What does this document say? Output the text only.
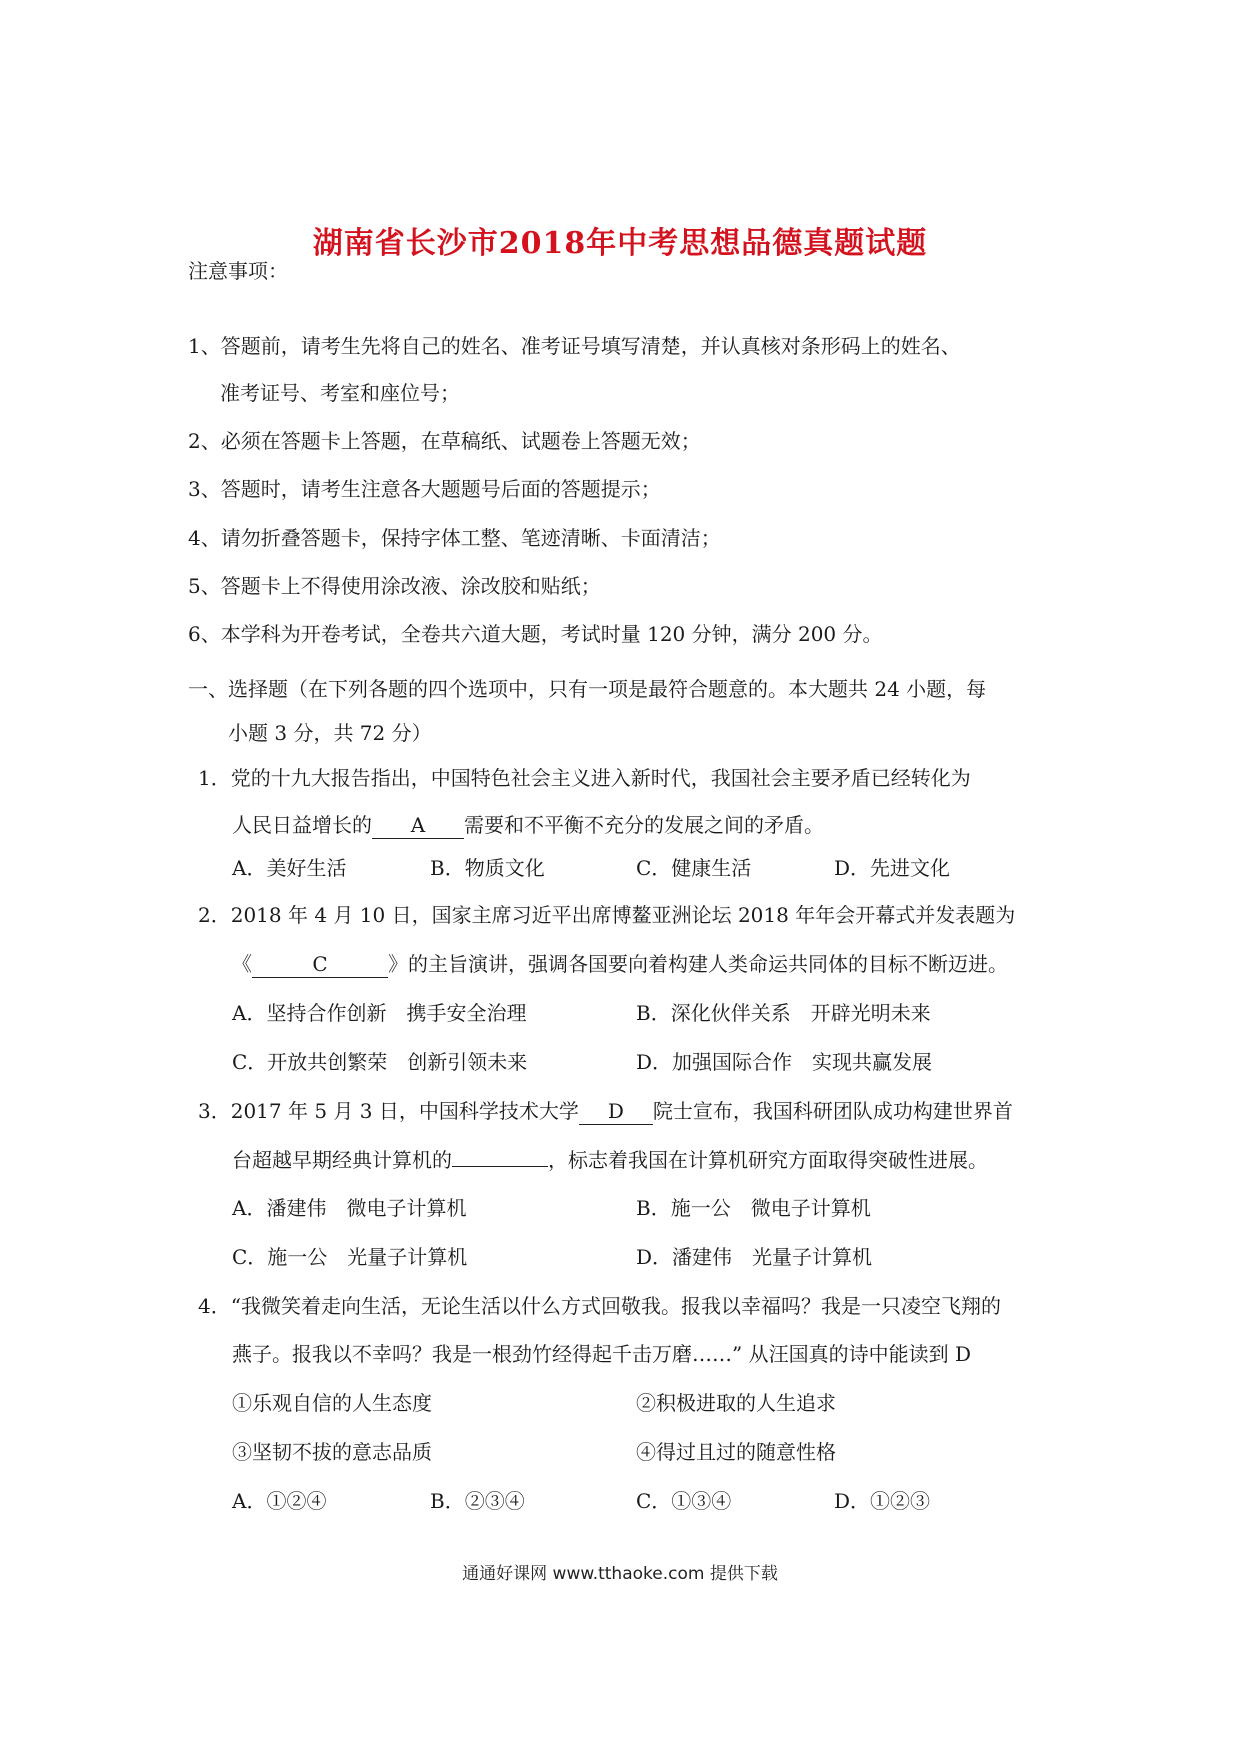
湖南省长沙市2018年中考思想品德真题试题
注意事项：
1、答题前，请考生先将自己的姓名、准考证号填写清楚，并认真核对条形码上的姓名、
准考证号、考室和座位号；
2、必须在答题卡上答题，在草稿纸、试题卷上答题无效；
3、答题时，请考生注意各大题题号后面的答题提示；
4、请勿折叠答题卡，保持字体工整、笔迹清晰、卡面清洁；
5、答题卡上不得使用涂改液、涂改胶和贴纸；
6、本学科为开卷考试，全卷共六道大题，考试时量 120 分钟，满分 200 分。
一、选择题（在下列各题的四个选项中，只有一项是最符合题意的。本大题共 24 小题，每
小题 3 分，共 72 分）
1．党的十九大报告指出，中国特色社会主义进入新时代，我国社会主要矛盾已经转化为
人民日益增长的 A 需要和不平衡不充分的发展之间的矛盾。
A．美好生活	B．物质文化	C．健康生活	D．先进文化
2．2018 年 4 月 10 日，国家主席习近平出席博鳌亚洲论坛 2018 年年会开幕式并发表题为
《	C	》的主旨演讲，强调各国要向着构建人类命运共同体的目标不断迈进。
A．坚持合作创新　携手安全治理	B．深化伙伴关系　开辟光明未来
C．开放共创繁荣　创新引领未来	D．加强国际合作　实现共赢发展
3．2017 年 5 月 3 日，中国科学技术大学 D 院士宣布，我国科研团队成功构建世界首
台超越早期经典计算机的	，标志着我国在计算机研究方面取得突破性进展。
A．潘建伟　微电子计算机	B．施一公　微电子计算机
C．施一公　光量子计算机	D．潘建伟　光量子计算机
4．“我微笑着走向生活，无论生活以什么方式回敬我。报我以幸福吗？我是一只凌空飞翔的
燕子。报我以不幸吗？我是一根劲竹经得起千击万磨……” 从汪国真的诗中能读到 D
①乐观自信的人生态度	②积极进取的人生追求
③坚韧不拔的意志品质	④得过且过的随意性格
A．①②④	B．②③④	C．①③④	D．①②③
通通好课网 www.tthaoke.com 提供下载
